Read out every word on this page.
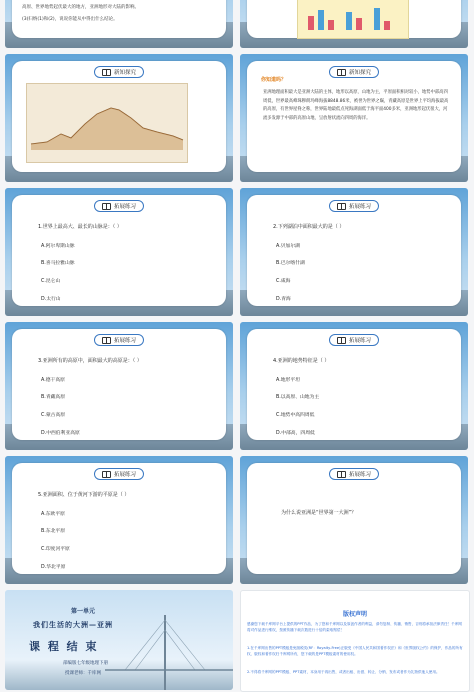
高原、世界地势起伏最大的地方，亚洲地形对大陆的影响。
(3)归纳(1)和(2)，说说你能从中得出什么结论。
新知探究	新知探究
你知道吗？
亚洲地理面积最大是亚洲大陆的主体，地形以高原、山地为主，平原面积相对较小，地势中部高四周低，世界最高峰珠穆朗玛峰海拔8848.86米，被誉为世界之巅，青藏高原是世界上平均海拔最高的高原，有世界屋脊之称，世界陆地最低点死海湖面低于海平面400多米，亚洲地形起伏很大，河流多发源于中部的高原山地，呈放射状流向四周的海洋。
拓展练习
1.世界上最高大、最长的山脉是：（ ）
A.阿尔卑斯山脉
B.喜马拉雅山脉
C.昆仑山
D.太行山
拓展练习
2.下列湖泊中面积最大的是（ ）
A.贝加尔湖
B.巴尔喀什湖
C.咸海
D.青海
拓展练习
3.亚洲所有的高原中，面积最大的高原是：（ ）
A.德干高原
B.青藏高原
C.蒙古高原
D.中西伯利亚高原
拓展练习
4.亚洲的地势特征是（ ）
A.地形平坦
B.以高原、山地为主
C.地势中高四周低
D.中部高，四周低
拓展练习
5.亚洲面积、位于黄河下游的平原是（ ）
A.东欧平原
B.东北平原
C.印度河平原
D.华北平原
拓展练习
为什么说亚洲是“世界第一大洲”？
第一单元
我们生活的大洲—亚洲
课 程 结 束
部编版七年级地理下册
授课老师：千库网
版权声明
感谢您下载千库网平台上提供的PPT作品，为了您和千库网以及原创作者的利益，请勿复制、传播、销售，否则将承担法律责任！千库网将对作品进行维权，按照传播下载次数进行十倍的索取赔偿！
1.在千库网出售的PPT模板是免版税类(RF：Royalty-Free)正版受《中国人民共和国著作权法》和《世界版权公约》的保护，作品的所有权、版权和著作权归千库网所有，您下载的是PPT模板素材的使用权。
2.不得将千库网的PPT模板、PPT素材，本身用于再出售，或者出租、出借、转让、分销、发布或者作为礼物供他人使用。
